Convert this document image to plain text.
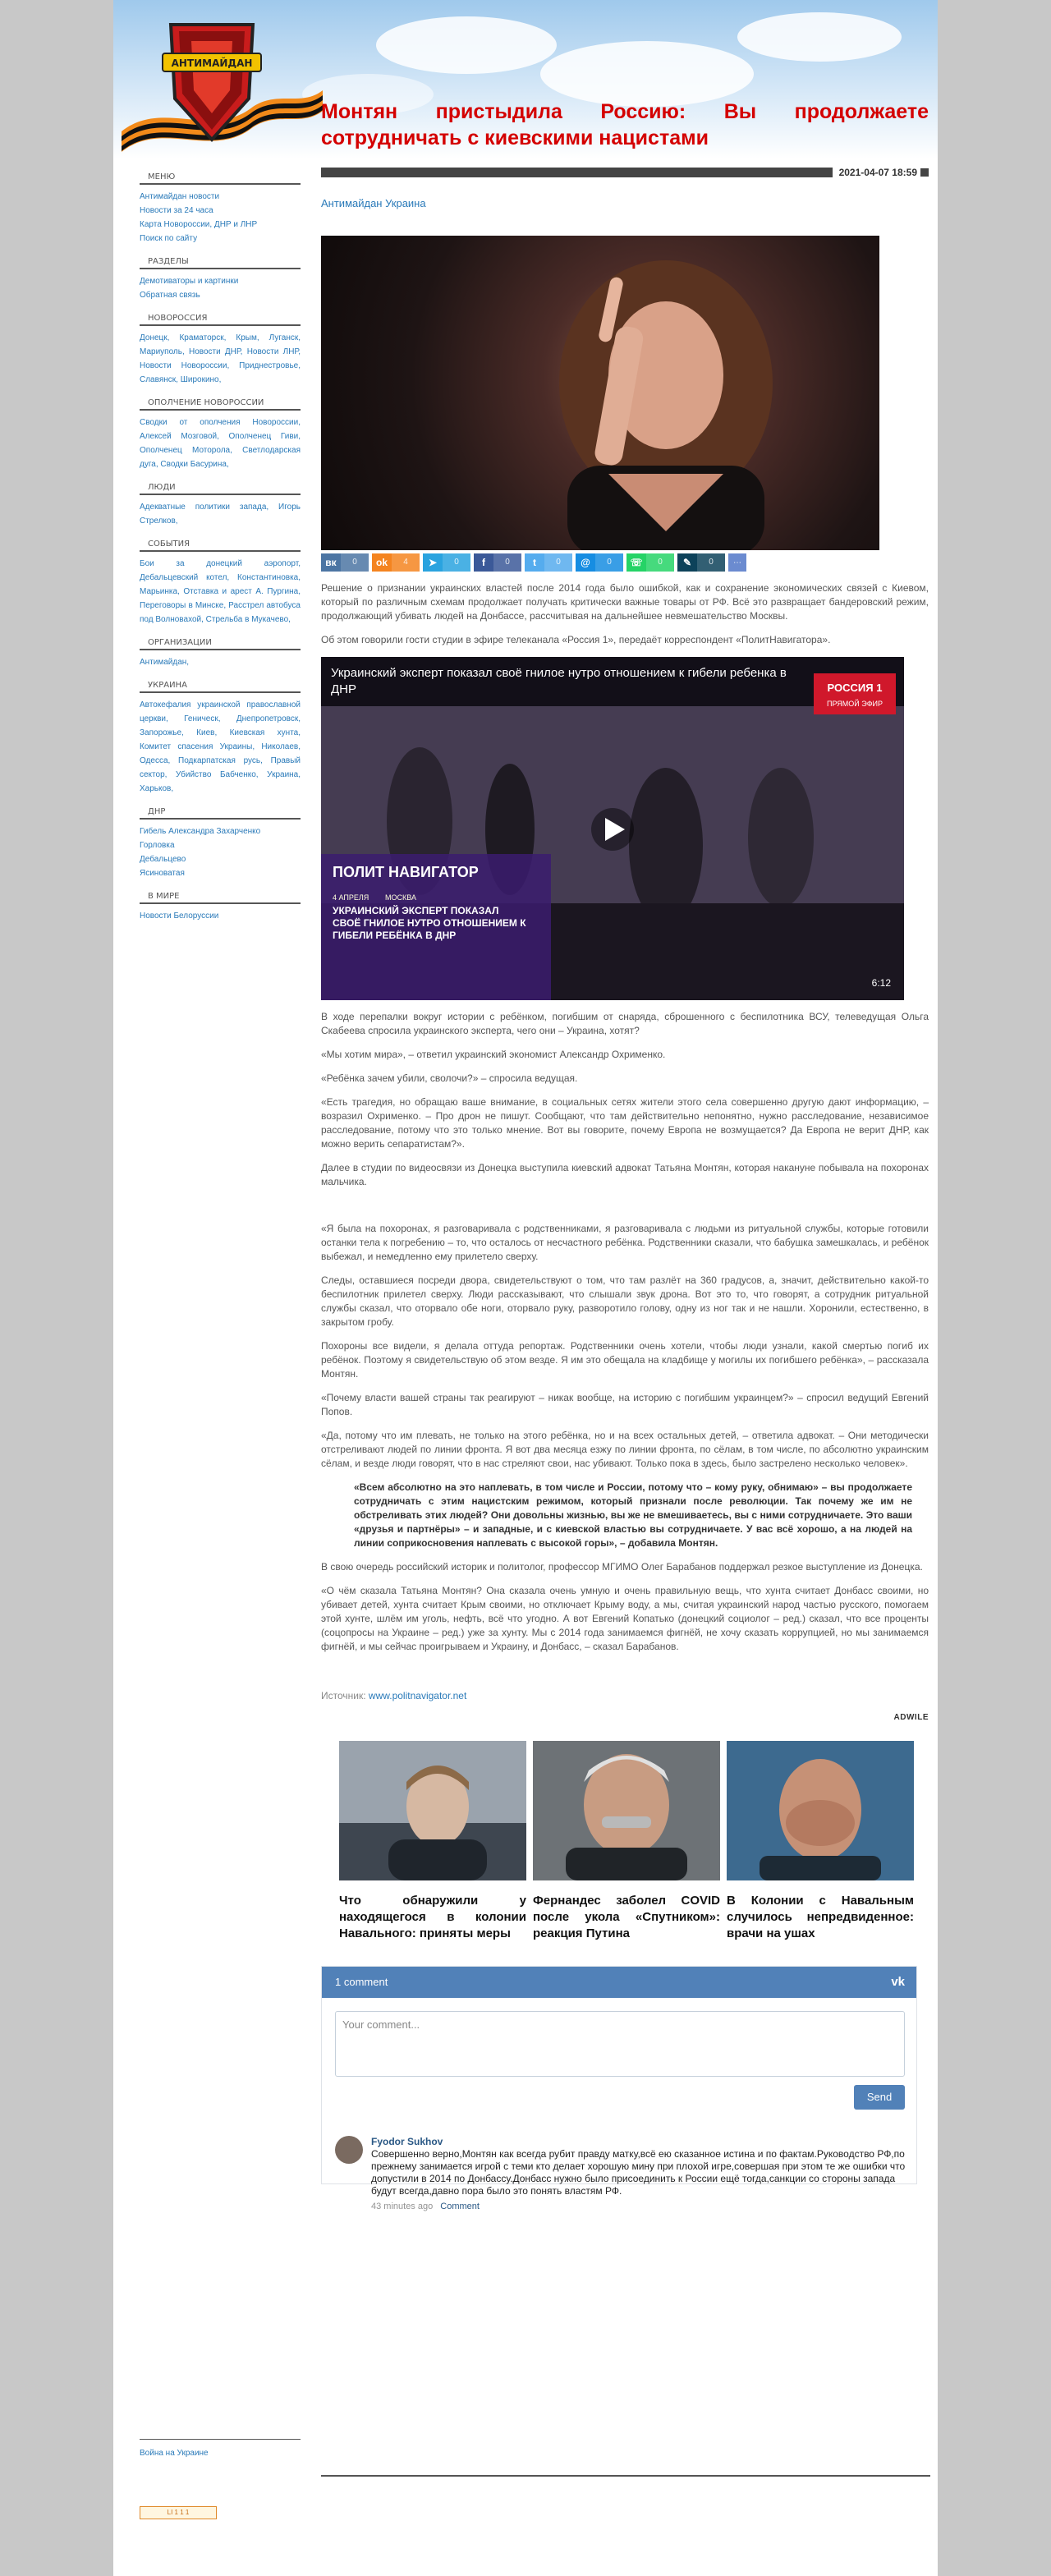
АНТИМАЙДАН
МЕНЮ
Антимайдан новости
Новости за 24 часа
Карта Новороссии, ДНР и ЛНР
Поиск по сайту
РАЗДЕЛЫ
Демотиваторы и картинки
Обратная связь
НОВОРОССИЯ
Донецк, Краматорск, Крым, Луганск, Мариуполь, Новости ДНР, Новости ЛНР, Новости Новороссии, Приднестровье, Славянск, Широкино,
ОПОЛЧЕНИЕ НОВОРОССИИ
Сводки от ополчения Новороссии, Алексей Мозговой, Ополченец Гиви, Ополченец Моторола, Светлодарская дуга, Сводки Басурина,
ЛЮДИ
Адекватные политики запада, Игорь Стрелков,
СОБЫТИЯ
Бои за донецкий аэропорт, Дебальцевский котел, Константиновка, Марьинка, Отставка и арест А. Пургина, Переговоры в Минске, Расстрел автобуса под Волновахой, Стрельба в Мукачево,
ОРГАНИЗАЦИИ
Антимайдан,
УКРАИНА
Автокефалия украинской православной церкви, Геническ, Днепропетровск, Запорожье, Киев, Киевская хунта, Комитет спасения Украины, Николаев, Одесса, Подкарпатская русь, Правый сектор, Убийство Бабченко, Украина, Харьков,
ДНР
Гибель Александра Захарченко
Горловка
Дебальцево
Ясиноватая
В МИРЕ
Новости Белоруссии
Монтян пристыдила Россию: Вы продолжаете сотрудничать с киевскими нацистами
2021-04-07 18:59
Антимайдан Украина
вк	0	ok	4	➤	0	f	0	t	0	@	0	☏	0	✎	0	⋯
Решение о признании украинских властей после 2014 года было ошибкой, как и сохранение экономических связей с Киевом, который по различным схемам продолжает получать критически важные товары от РФ. Всё это развращает бандеровский режим, продолжающий убивать людей на Донбассе, рассчитывая на дальнейшее невмешательство Москвы.
Об этом говорили гости студии в эфире телеканала «Россия 1», передаёт корреспондент «ПолитНавигатора».
РОССИЯ 1
ПРЯМОЙ ЭФИР
ПОЛИТ НАВИГАТОР
4 АПРЕЛЯ МОСКВА
Украинский эксперт показал своё гнилое нутро отношением к гибели ребенка в ДНР
УКРАИНСКИЙ ЭКСПЕРТ ПОКАЗАЛ СВОЁ ГНИЛОЕ НУТРО ОТНОШЕНИЕМ К ГИБЕЛИ РЕБЁНКА В ДНР
6:12
В ходе перепалки вокруг истории с ребёнком, погибшим от снаряда, сброшенного с беспилотника ВСУ, телеведущая Ольга Скабеева спросила украинского эксперта, чего они – Украина, хотят?
«Мы хотим мира», – ответил украинский экономист Александр Охрименко.
«Ребёнка зачем убили, сволочи?» – спросила ведущая.
«Есть трагедия, но обращаю ваше внимание, в социальных сетях жители этого села совершенно другую дают информацию, – возразил Охрименко. – Про дрон не пишут. Сообщают, что там действительно непонятно, нужно расследование, независимое расследование, потому что это только мнение. Вот вы говорите, почему Европа не возмущается? Да Европа не верит ДНР, как можно верить сепаратистам?».
Далее в студии по видеосвязи из Донецка выступила киевский адвокат Татьяна Монтян, которая накануне побывала на похоронах мальчика.
«Я была на похоронах, я разговаривала с родственниками, я разговаривала с людьми из ритуальной службы, которые готовили останки тела к погребению – то, что осталось от несчастного ребёнка. Родственники сказали, что бабушка замешкалась, и ребёнок выбежал, и немедленно ему прилетело сверху.
Следы, оставшиеся посреди двора, свидетельствуют о том, что там разлёт на 360 градусов, а, значит, действительно какой-то беспилотник прилетел сверху. Люди рассказывают, что слышали звук дрона. Вот это то, что говорят, а сотрудник ритуальной службы сказал, что оторвало обе ноги, оторвало руку, разворотило голову, одну из ног так и не нашли. Хоронили, естественно, в закрытом гробу.
Похороны все видели, я делала оттуда репортаж. Родственники очень хотели, чтобы люди узнали, какой смертью погиб их ребёнок. Поэтому я свидетельствую об этом везде. Я им это обещала на кладбище у могилы их погибшего ребёнка», – рассказала Монтян.
«Почему власти вашей страны так реагируют – никак вообще, на историю с погибшим украинцем?» – спросил ведущий Евгений Попов.
«Да, потому что им плевать, не только на этого ребёнка, но и на всех остальных детей, – ответила адвокат. – Они методически отстреливают людей по линии фронта. Я вот два месяца езжу по линии фронта, по сёлам, в том числе, по абсолютно украинским сёлам, и везде люди говорят, что в нас стреляют свои, нас убивают. Только пока в здесь, было застрелено несколько человек».
«Всем абсолютно на это наплевать, в том числе и России, потому что – кому руку, обнимаю» – вы продолжаете сотрудничать с этим нацистским режимом, который признали после революции. Так почему же им не обстреливать этих людей? Они довольны жизнью, вы же не вмешиваетесь, вы с ними сотрудничаете. Это ваши «друзья и партнёры» – и западные, и с киевской властью вы сотрудничаете. У вас всё хорошо, а на людей на линии соприкосновения наплевать с высокой горы», – добавила Монтян.
В свою очередь российский историк и политолог, профессор МГИМО Олег Барабанов поддержал резкое выступление из Донецка.
«О чём сказала Татьяна Монтян? Она сказала очень умную и очень правильную вещь, что хунта считает Донбасс своими, но убивает детей, хунта считает Крым своими, но отключает Крыму воду, а мы, считая украинский народ частью русского, помогаем этой хунте, шлём им уголь, нефть, всё что угодно. А вот Евгений Копатько (донецкий социолог – ред.) сказал, что все проценты (соцопросы на Украине – ред.) уже за хунту. Мы с 2014 года занимаемся фигнёй, не хочу сказать коррупцией, но мы занимаемся фигнёй, и мы сейчас проигрываем и Украину, и Донбасс, – сказал Барабанов.
Источник: www.politnavigator.net
ADWILE
Что обнаружили у находящегося в колонии Навального: приняты меры
Фернандес заболел COVID после укола «Спутником»: реакция Путина
В Колонии с Навальным случилось непредвиденное: врачи на ушах
1 comment	vk
Your comment...
Send
Fyodor Sukhov
Совершенно верно,Монтян как всегда рубит правду матку,всё ею сказанное истина и по фактам.Руководство РФ,по прежнему занимается игрой с теми кто делает хорошую мину при плохой игре,совершая при этом те же ошибки что допустили в 2014 по Донбассу.Донбасс нужно было присоединить к России ещё тогда,санкции со стороны запада будут всегда,давно пора было это понять властям РФ.
43 minutes ago Comment
Война на Украине
LI 1 1 1
